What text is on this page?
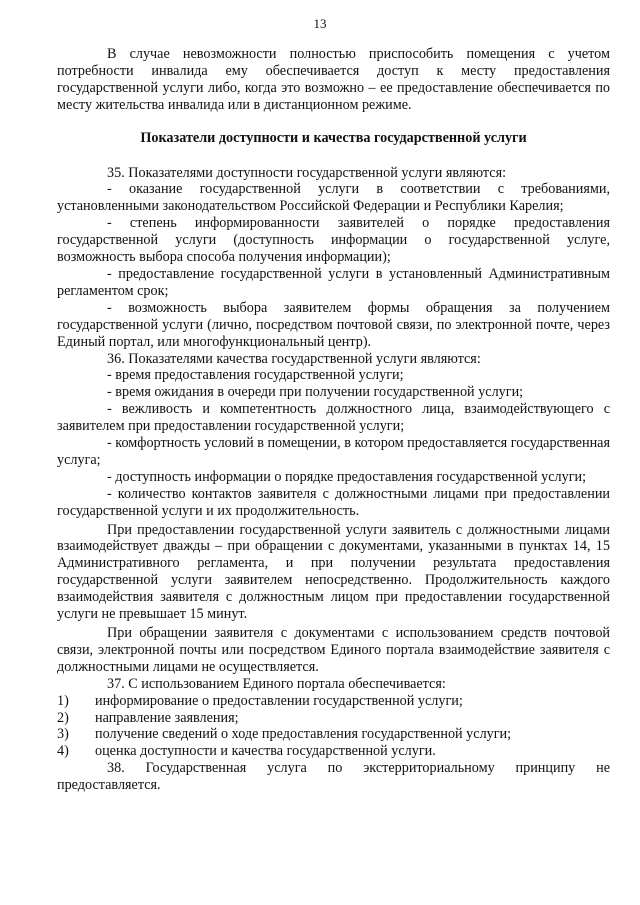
13

В случае невозможности полностью приспособить помещения с учетом потребности инвалида ему обеспечивается доступ к месту предоставления государственной услуги либо, когда это возможно – ее предоставление обеспечивается по месту жительства инвалида или в дистанционном режиме.

Показатели доступности и качества государственной услуги

35. Показателями доступности государственной услуги являются:

- оказание государственной услуги в соответствии с требованиями, установленными законодательством Российской Федерации и Республики Карелия;

- степень информированности заявителей о порядке предоставления государственной услуги (доступность информации о государственной услуге, возможность выбора способа получения информации);

- предоставление государственной услуги в установленный Административным регламентом срок;

- возможность выбора заявителем формы обращения за получением государственной услуги (лично, посредством почтовой связи, по электронной почте, через Единый портал, или многофункциональный центр).

36. Показателями качества государственной услуги являются:

- время предоставления государственной услуги;

- время ожидания в очереди при получении государственной услуги;

- вежливость и компетентность должностного лица, взаимодействующего с заявителем при предоставлении государственной услуги;

- комфортность условий в помещении, в котором предоставляется государственная услуга;

- доступность информации о порядке предоставления государственной услуги;

- количество контактов заявителя с должностными лицами при предоставлении государственной услуги и их продолжительность.

При предоставлении государственной услуги заявитель с должностными лицами взаимодействует дважды – при обращении с документами, указанными в пунктах 14, 15 Административного регламента, и при получении результата предоставления государственной услуги заявителем непосредственно. Продолжительность каждого взаимодействия заявителя с должностным лицом при предоставлении государственной услуги не превышает 15 минут.

При обращении заявителя с документами с использованием средств почтовой связи, электронной почты или посредством Единого портала взаимодействие заявителя с должностными лицами не осуществляется.

37. С использованием Единого портала обеспечивается:

1)	информирование о предоставлении государственной услуги;
2)	направление заявления;
3)	получение сведений о ходе предоставления государственной услуги;
4)	оценка доступности и качества государственной услуги.

38. Государственная услуга по экстерриториальному принципу не предоставляется.
